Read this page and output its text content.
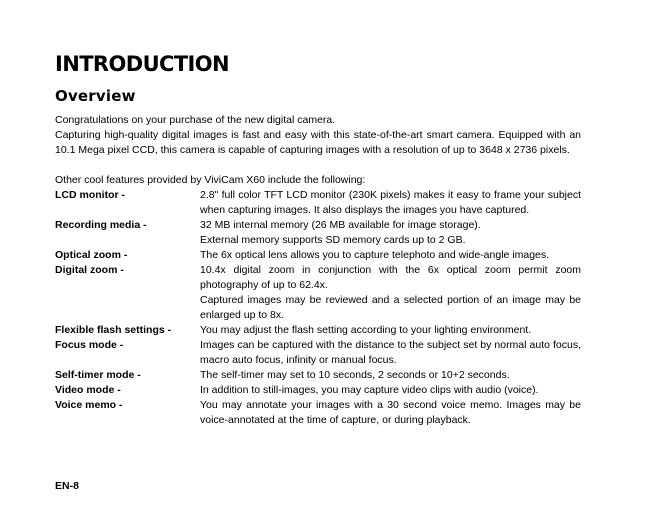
INTRODUCTION
Overview

Congratulations on your purchase of the new digital camera.

Capturing high-quality digital images is fast and easy with this state-of-the-art smart camera. Equipped with an 10.1 Mega pixel CCD, this camera is capable of capturing images with a resolution of up to 3648 x 2736 pixels.

Other cool features provided by ViviCam X60 include the following:

LCD monitor -	2.8" full color TFT LCD monitor (230K pixels) makes it easy to frame your subject when capturing images. It also displays the images you have captured.
Recording media -	32 MB internal memory (26 MB available for image storage).
External memory supports SD memory cards up to 2 GB.
Optical zoom -	The 6x optical lens allows you to capture telephoto and wide-angle images.
Digital zoom -	10.4x digital zoom in conjunction with the 6x optical zoom permit zoom photography of up to 62.4x.
Captured images may be reviewed and a selected portion of an image may be enlarged up to 8x.
Flexible flash settings -	You may adjust the flash setting according to your lighting environment.
Focus mode -	Images can be captured with the distance to the subject set by normal auto focus, macro auto focus, infinity or manual focus.
Self-timer mode -	The self-timer may set to 10 seconds, 2 seconds or 10+2 seconds.
Video mode -	In addition to still-images, you may capture video clips with audio (voice).
Voice memo -	You may annotate your images with a 30 second voice memo. Images may be voice-annotated at the time of capture, or during playback.
EN-8
